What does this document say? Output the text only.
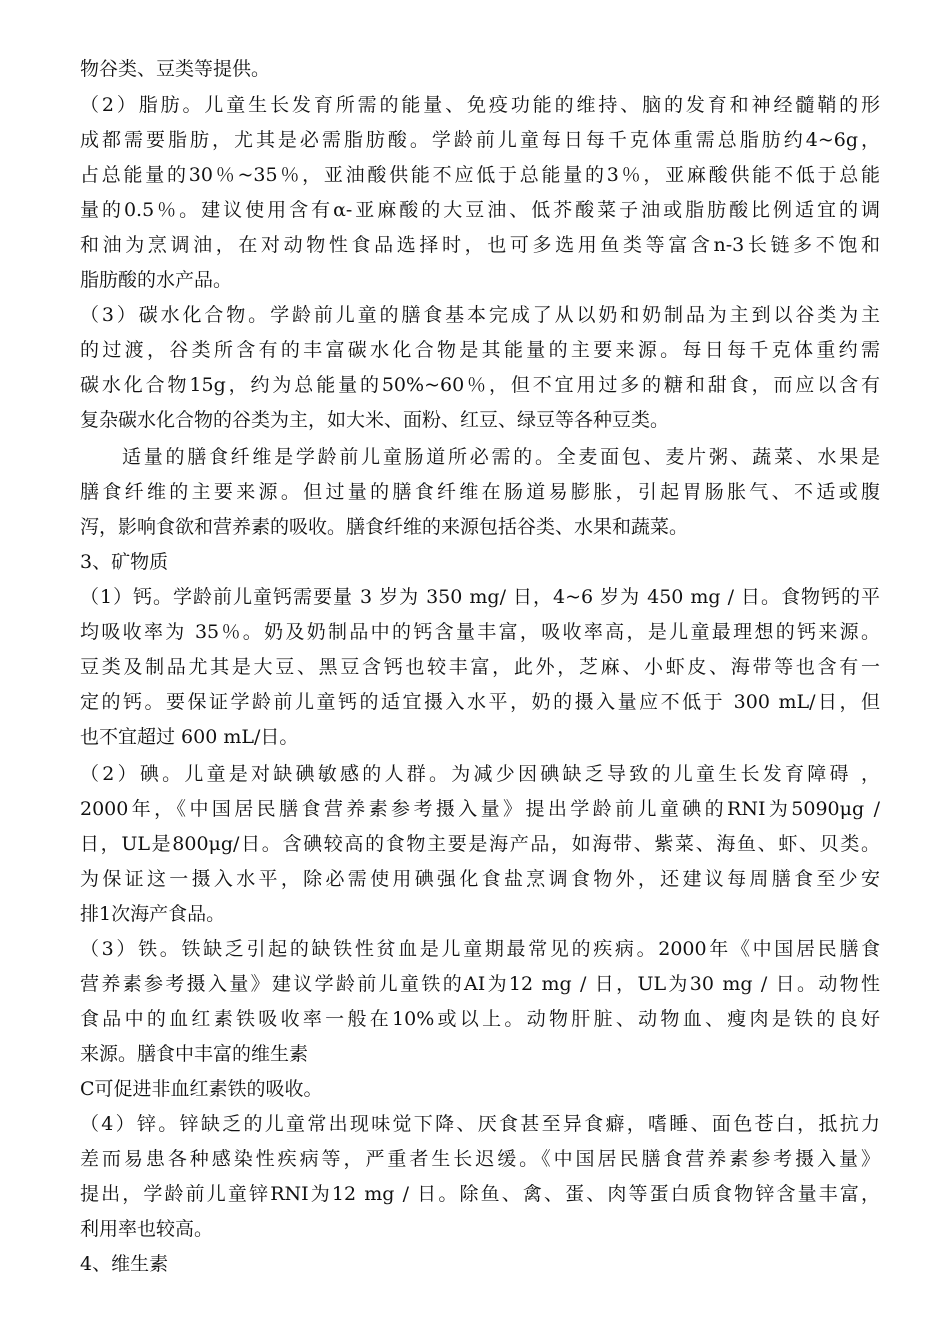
物谷类、豆类等提供。
（2）脂肪。儿童生长发育所需的能量、免疫功能的维持、脑的发育和神经髓鞘的形
成都需要脂肪，尤其是必需脂肪酸。学龄前儿童每日每千克体重需总脂肪约4~6g，
占总能量的30％~35％，亚油酸供能不应低于总能量的3％，亚麻酸供能不低于总能
量的0.5％。建议使用含有α-亚麻酸的大豆油、低芥酸菜子油或脂肪酸比例适宜的调
和油为烹调油，在对动物性食品选择时，也可多选用鱼类等富含n-3长链多不饱和
脂肪酸的水产品。
（3）碳水化合物。学龄前儿童的膳食基本完成了从以奶和奶制品为主到以谷类为主
的过渡，谷类所含有的丰富碳水化合物是其能量的主要来源。每日每千克体重约需
碳水化合物15g，约为总能量的50%~60％，但不宜用过多的糖和甜食，而应以含有
复杂碳水化合物的谷类为主，如大米、面粉、红豆、绿豆等各种豆类。
适量的膳食纤维是学龄前儿童肠道所必需的。全麦面包、麦片粥、蔬菜、水果是
膳食纤维的主要来源。但过量的膳食纤维在肠道易膨胀，引起胃肠胀气、不适或腹
泻，影响食欲和营养素的吸收。膳食纤维的来源包括谷类、水果和蔬菜。
3、矿物质
（1）钙。学龄前儿童钙需要量 3 岁为 350 mg/ 日，4~6 岁为 450 mg / 日。食物钙的平
均吸收率为 35％。奶及奶制品中的钙含量丰富，吸收率高，是儿童最理想的钙来源。
豆类及制品尤其是大豆、黑豆含钙也较丰富，此外，芝麻、小虾皮、海带等也含有一
定的钙。要保证学龄前儿童钙的适宜摄入水平，奶的摄入量应不低于 300 mL/日，但
也不宜超过 600 mL/日。
（2）碘。儿童是对缺碘敏感的人群。为减少因碘缺乏导致的儿童生长发育障碍 ，
2000年，《中国居民膳食营养素参考摄入量》提出学龄前儿童碘的RNI为5090μg /
日，UL是800μg/日。含碘较高的食物主要是海产品，如海带、紫菜、海鱼、虾、贝类。
为保证这一摄入水平，除必需使用碘强化食盐烹调食物外，还建议每周膳食至少安
排1次海产食品。
（3）铁。铁缺乏引起的缺铁性贫血是儿童期最常见的疾病。2000年《中国居民膳食
营养素参考摄入量》建议学龄前儿童铁的AI为12 mg / 日，UL为30 mg / 日。动物性
食品中的血红素铁吸收率一般在10%或以上。动物肝脏、动物血、瘦肉是铁的良好
来源。膳食中丰富的维生素
C可促进非血红素铁的吸收。
（4）锌。锌缺乏的儿童常出现味觉下降、厌食甚至异食癖，嗜睡、面色苍白，抵抗力
差而易患各种感染性疾病等，严重者生长迟缓。《中国居民膳食营养素参考摄入量》
提出，学龄前儿童锌RNI为12 mg / 日。除鱼、禽、蛋、肉等蛋白质食物锌含量丰富，
利用率也较高。
4、维生素
